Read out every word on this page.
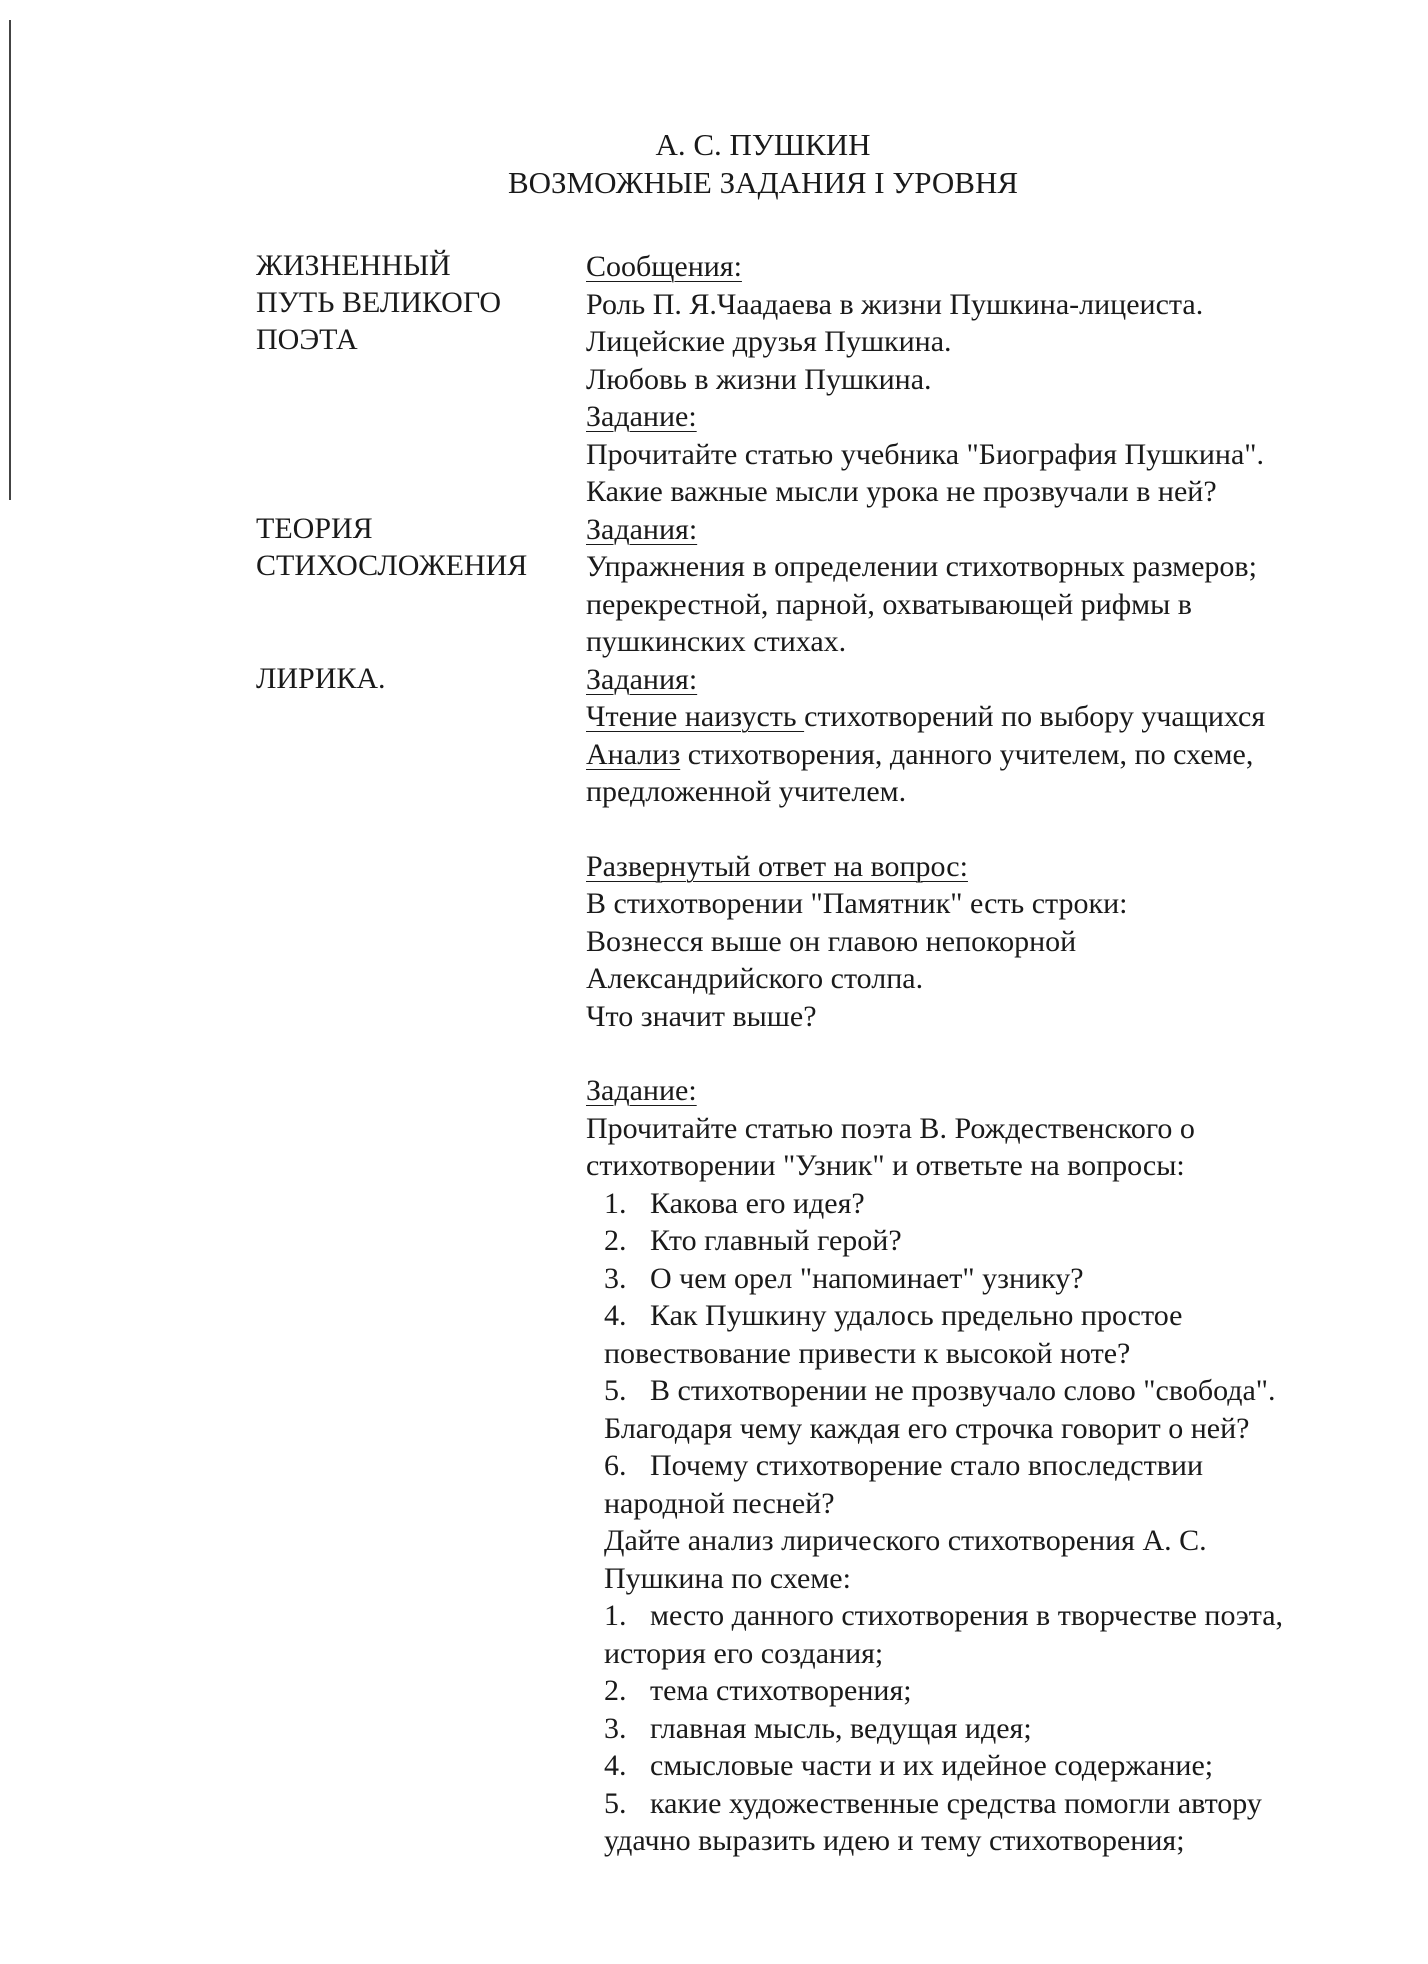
А. С. ПУШКИН
ВОЗМОЖНЫЕ ЗАДАНИЯ I УРОВНЯ
ЖИЗНЕННЫЙ
ПУТЬ ВЕЛИКОГО
ПОЭТА
ТЕОРИЯ
СТИХОСЛОЖЕНИЯ
ЛИРИКА.
Сообщения:
Роль П. Я.Чаадаева в жизни Пушкина-лицеиста.
Лицейские друзья Пушкина.
Любовь в жизни Пушкина.
Задание:
Прочитайте статью учебника "Биография Пушкина".
Какие важные мысли урока не прозвучали в ней?
Задания:
Упражнения в определении стихотворных размеров;
перекрестной, парной, охватывающей рифмы в
пушкинских стихах.
Задания:
Чтение наизусть стихотворений по выбору учащихся
Анализ стихотворения, данного учителем, по схеме,
предложенной учителем.
Развернутый ответ на вопрос:
В стихотворении "Памятник" есть строки:
Вознесся выше он главою непокорной
Александрийского столпа.
Что значит выше?
Задание:
Прочитайте статью поэта В. Рождественского о
стихотворении "Узник" и ответьте на вопросы:
1. Какова его идея?
2. Кто главный герой?
3. О чем орел "напоминает" узнику?
4. Как Пушкину удалось предельно простое
повествование привести к высокой ноте?
5. В стихотворении не прозвучало слово "свобода".
Благодаря чему каждая его строчка говорит о ней?
6. Почему стихотворение стало впоследствии
народной песней?
Дайте анализ лирического стихотворения А. С.
Пушкина по схеме:
1. место данного стихотворения в творчестве поэта,
история его создания;
2. тема стихотворения;
3. главная мысль, ведущая идея;
4. смысловые части и их идейное содержание;
5. какие художественные средства помогли автору
удачно выразить идею и тему стихотворения;
